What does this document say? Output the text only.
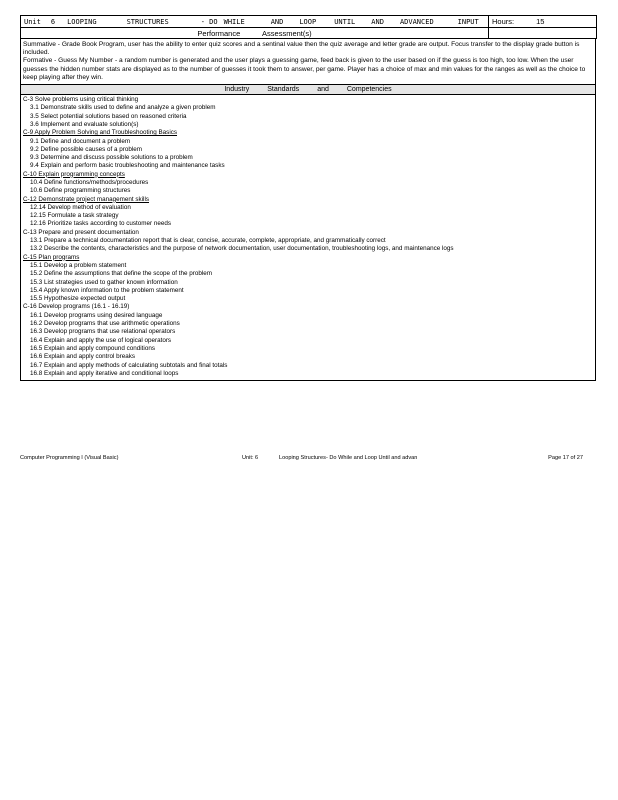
Unit 6 LOOPING STRUCTURES - DO WHILE AND LOOP UNTIL AND ADVANCED INPUT	Hours: 15
Performance Assessment(s)	

Summative - Grade Book Program, user has the ability to enter quiz scores and a sentinal value then the quiz average and letter grade are output. Focus transfer to the display grade button is included.

Formative - Guess My Number - a random number is generated and the user plays a guessing game, feed back is given to the user based on if the guess is too high, too low. When the user guesses the hidden number stats are displayed as to the number of guesses it took them to answer, per game. Player has a choice of max and min values for the ranges as well as the choice to keep playing after they win.

Industry	Standards	and	Competencies
C-3 Solve problems using critical thinking
3.1 Demonstrate skills used to define and analyze a given problem
3.5 Select potential solutions based on reasoned criteria
3.6 Implement and evaluate solution(s)
C-9 Apply Problem Solving and Troubleshooting Basics
9.1 Define and document a problem
9.2 Define possible causes of a problem
9.3 Determine and discuss possible solutions to a problem
9.4 Explain and perform basic troubleshooting and maintenance tasks
C-10 Explain programming concepts
10.4 Define functions/methods/procedures
10.6 Define programming structures
C-12 Demonstrate project management skills
12.14 Develop method of evaluation
12.15 Formulate a task strategy
12.16 Prioritize tasks according to customer needs
C-13 Prepare and present documentation
13.1 Prepare a technical documentation report that is clear, concise, accurate, complete, appropriate, and grammatically correct
13.2 Describe the contents, characteristics and the purpose of network documentation, user documentation, troubleshooting logs, and maintenance logs
C-15 Plan programs
15.1 Develop a problem statement
15.2 Define the assumptions that define the scope of the problem
15.3 List strategies used to gather known information
15.4 Apply known information to the problem statement
15.5 Hypothesize expected output
C-16 Develop programs (16.1 - 16.19)
16.1 Develop programs using desired language
16.2 Develop programs that use arithmetic operations
16.3 Develop programs that use relational operators
16.4 Explain and apply the use of logical operators
16.5 Explain and apply compound conditions
16.6 Explain and apply control breaks
16.7 Explain and apply methods of calculating subtotals and final totals
16.8 Explain and apply iterative and conditional loops
Computer Programming I (Visual Basic)	Unit: 6	Looping Structures- Do While and Loop Until and advan	Page 17 of 27
